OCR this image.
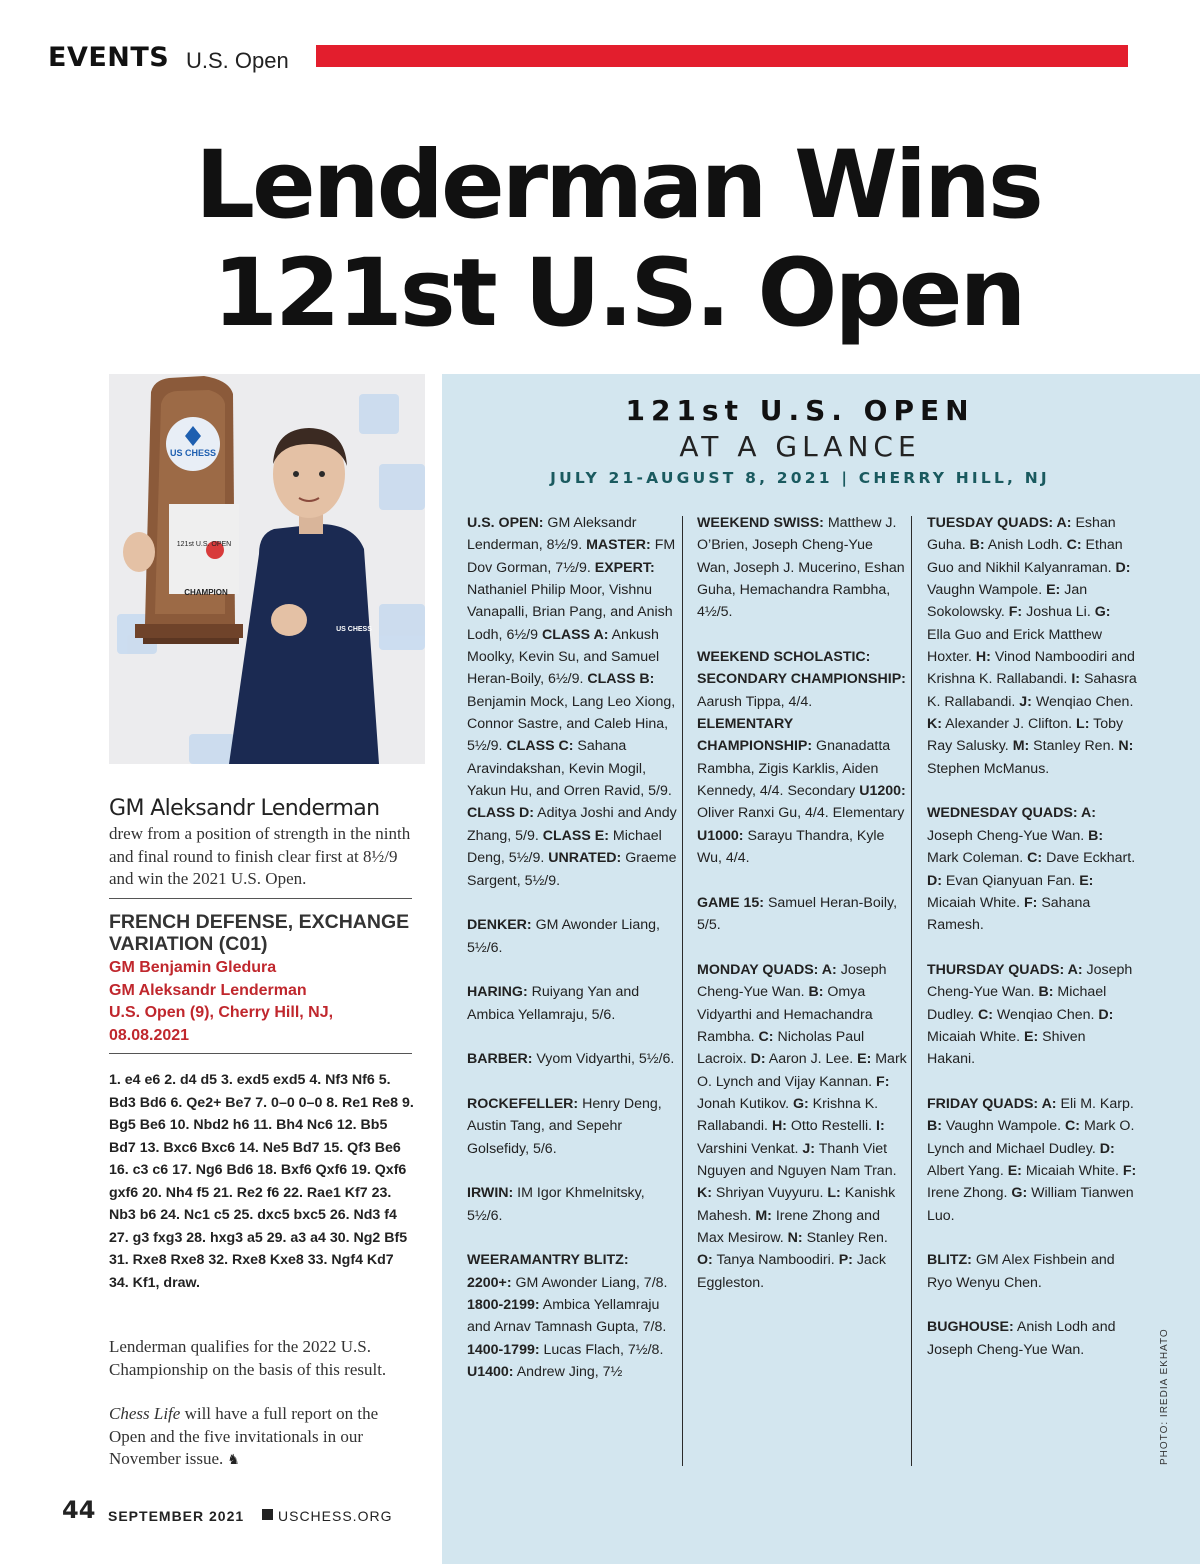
EVENTS U.S. Open
Lenderman Wins
121st U.S. Open
US CHESS
121st U.S. OPEN
CHAMPION
US CHESS
GM Aleksandr Lenderman
drew from a position of strength in the ninth and final round to finish clear first at 8½/9 and win the 2021 U.S. Open.
FRENCH DEFENSE, EXCHANGE VARIATION (C01)
GM Benjamin Gledura
GM Aleksandr Lenderman
U.S. Open (9), Cherry Hill, NJ,
08.08.2021
1. e4 e6 2. d4 d5 3. exd5 exd5 4. Nf3 Nf6 5. Bd3 Bd6 6. Qe2+ Be7 7. 0–0 0–0 8. Re1 Re8 9. Bg5 Be6 10. Nbd2 h6 11. Bh4 Nc6 12. Bb5 Bd7 13. Bxc6 Bxc6 14. Ne5 Bd7 15. Qf3 Be6 16. c3 c6 17. Ng6 Bd6 18. Bxf6 Qxf6 19. Qxf6 gxf6 20. Nh4 f5 21. Re2 f6 22. Rae1 Kf7 23. Nb3 b6 24. Nc1 c5 25. dxc5 bxc5 26. Nd3 f4 27. g3 fxg3 28. hxg3 a5 29. a3 a4 30. Ng2 Bf5 31. Rxe8 Rxe8 32. Rxe8 Kxe8 33. Ngf4 Kd7 34. Kf1, draw.
Lenderman qualifies for the 2022 U.S. Championship on the basis of this result.
Chess Life will have a full report on the Open and the five invitationals in our November issue. ♞
44 SEPTEMBER 2021 USCHESS.ORG
121st U.S. OPEN
AT A GLANCE
JULY 21-AUGUST 8, 2021 | CHERRY HILL, NJ
U.S. OPEN: GM Aleksandr Lenderman, 8½/9. MASTER: FM Dov Gorman, 7½/9. EXPERT: Nathaniel Philip Moor, Vishnu Vanapalli, Brian Pang, and Anish Lodh, 6½/9 CLASS A: Ankush Moolky, Kevin Su, and Samuel Heran-Boily, 6½/9. CLASS B: Benjamin Mock, Lang Leo Xiong, Connor Sastre, and Caleb Hina, 5½/9. CLASS C: Sahana Aravindakshan, Kevin Mogil, Yakun Hu, and Orren Ravid, 5/9. CLASS D: Aditya Joshi and Andy Zhang, 5/9. CLASS E: Michael Deng, 5½/9. UNRATED: Graeme Sargent, 5½/9.
DENKER: GM Awonder Liang, 5½/6.
HARING: Ruiyang Yan and Ambica Yellamraju, 5/6.
BARBER: Vyom Vidyarthi, 5½/6.
ROCKEFELLER: Henry Deng, Austin Tang, and Sepehr Golsefidy, 5/6.
IRWIN: IM Igor Khmelnitsky, 5½/6.
WEERAMANTRY BLITZ: 2200+: GM Awonder Liang, 7/8. 1800-2199: Ambica Yellamraju and Arnav Tamnash Gupta, 7/8. 1400-1799: Lucas Flach, 7½/8. U1400: Andrew Jing, 7½
WEEKEND SWISS: Matthew J. O’Brien, Joseph Cheng-Yue Wan, Joseph J. Mucerino, Eshan Guha, Hemachandra Rambha, 4½/5.
WEEKEND SCHOLASTIC: SECONDARY CHAMPIONSHIP: Aarush Tippa, 4/4. ELEMENTARY CHAMPIONSHIP: Gnanadatta Rambha, Zigis Karklis, Aiden Kennedy, 4/4. Secondary U1200: Oliver Ranxi Gu, 4/4. Elementary U1000: Sarayu Thandra, Kyle Wu, 4/4.
GAME 15: Samuel Heran-Boily, 5/5.
MONDAY QUADS: A: Joseph Cheng-Yue Wan. B: Omya Vidyarthi and Hemachandra Rambha. C: Nicholas Paul Lacroix. D: Aaron J. Lee. E: Mark O. Lynch and Vijay Kannan. F: Jonah Kutikov. G: Krishna K. Rallabandi. H: Otto Restelli. I: Varshini Venkat. J: Thanh Viet Nguyen and Nguyen Nam Tran. K: Shriyan Vuyyuru. L: Kanishk Mahesh. M: Irene Zhong and Max Mesirow. N: Stanley Ren. O: Tanya Namboodiri. P: Jack Eggleston.
TUESDAY QUADS: A: Eshan Guha. B: Anish Lodh. C: Ethan Guo and Nikhil Kalyanraman. D: Vaughn Wampole. E: Jan Sokolowsky. F: Joshua Li. G: Ella Guo and Erick Matthew Hoxter. H: Vinod Namboodiri and Krishna K. Rallabandi. I: Sahasra K. Rallabandi. J: Wenqiao Chen. K: Alexander J. Clifton. L: Toby Ray Salusky. M: Stanley Ren. N: Stephen McManus.
WEDNESDAY QUADS: A: Joseph Cheng-Yue Wan. B: Mark Coleman. C: Dave Eckhart. D: Evan Qianyuan Fan. E: Micaiah White. F: Sahana Ramesh.
THURSDAY QUADS: A: Joseph Cheng-Yue Wan. B: Michael Dudley. C: Wenqiao Chen. D: Micaiah White. E: Shiven Hakani.
FRIDAY QUADS: A: Eli M. Karp. B: Vaughn Wampole. C: Mark O. Lynch and Michael Dudley. D: Albert Yang. E: Micaiah White. F: Irene Zhong. G: William Tianwen Luo.
BLITZ: GM Alex Fishbein and Ryo Wenyu Chen.
BUGHOUSE: Anish Lodh and Joseph Cheng-Yue Wan.	PHOTO: IREDIA EKHATO
